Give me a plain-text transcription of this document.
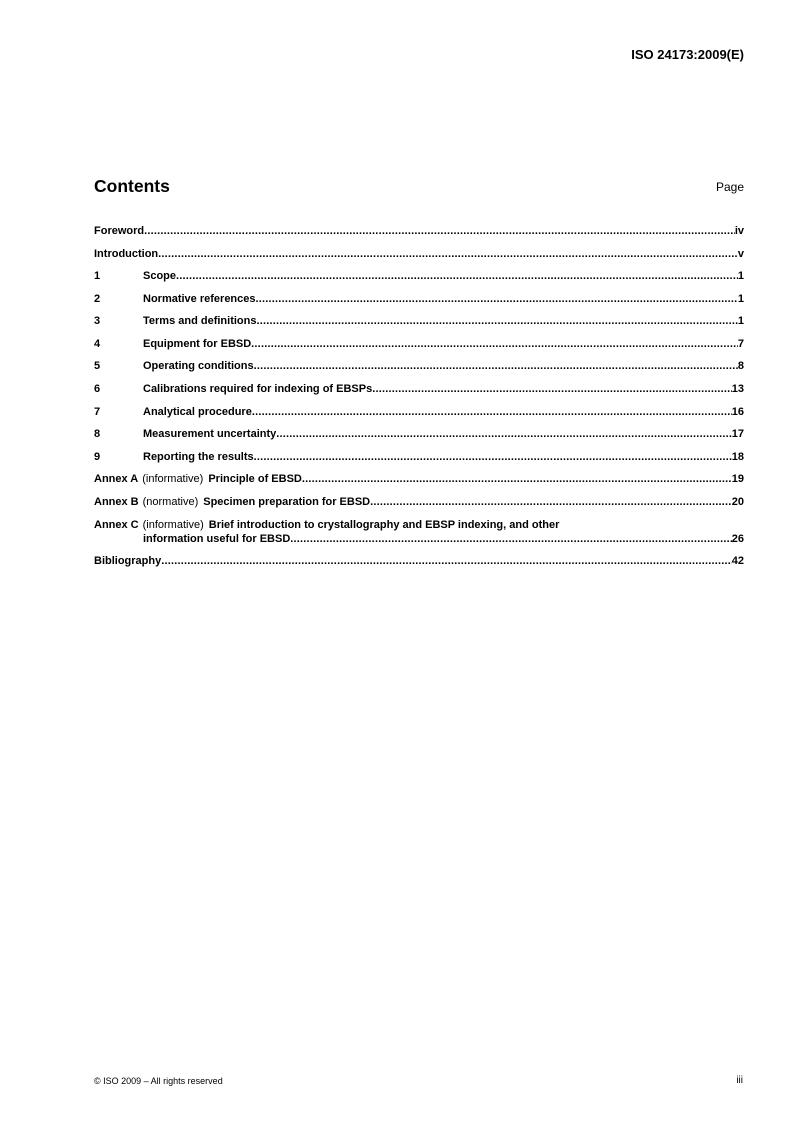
ISO 24173:2009(E)
Contents	Page
Foreword .....	iv
Introduction .....	v
1	Scope .....	1
2	Normative references .....	1
3	Terms and definitions .....	1
4	Equipment for EBSD .....	7
5	Operating conditions .....	8
6	Calibrations required for indexing of EBSPs .....	13
7	Analytical procedure .....	16
8	Measurement uncertainty .....	17
9	Reporting the results .....	18
Annex A (informative) Principle of EBSD .....	19
Annex B (normative) Specimen preparation for EBSD .....	20
Annex C (informative) Brief introduction to crystallography and EBSP indexing, and other
information useful for EBSD .....	26
Bibliography .....	42
© ISO 2009 – All rights reserved	iii
